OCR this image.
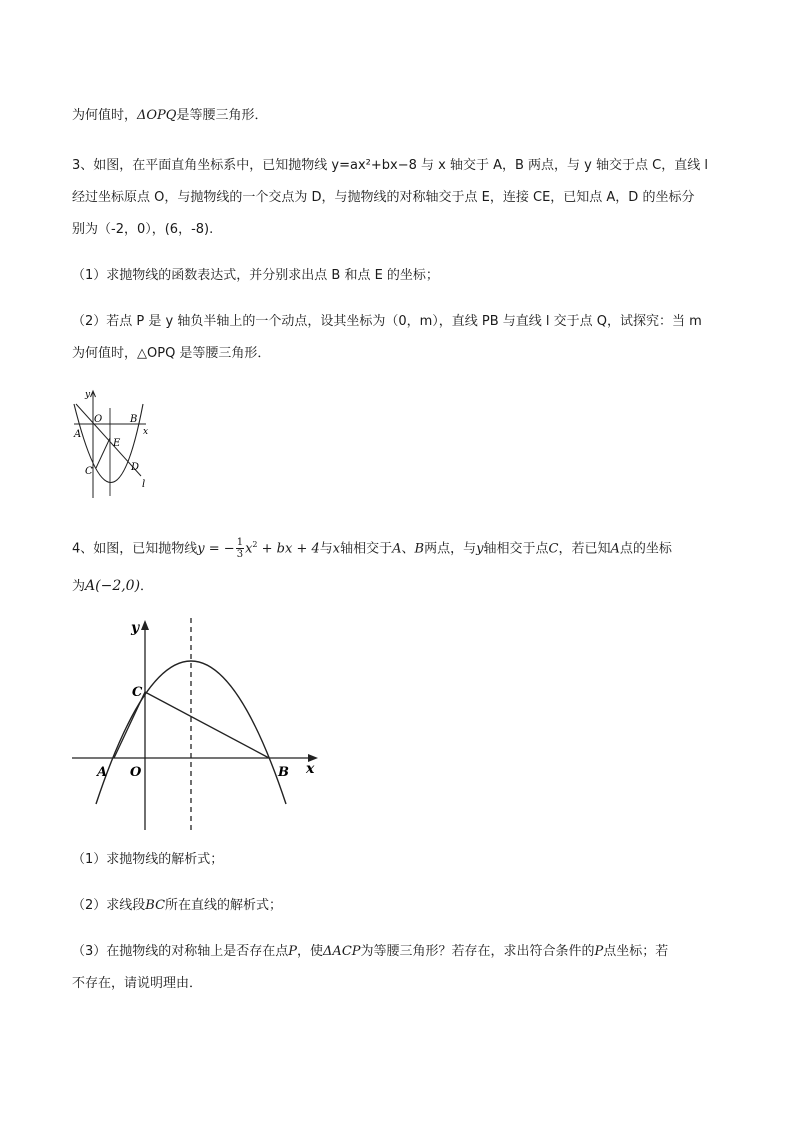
为何值时，ΔOPQ是等腰三角形．
3、如图，在平面直角坐标系中，已知抛物线 y=ax²+bx−8 与 x 轴交于 A，B 两点，与 y 轴交于点 C，直线 l
经过坐标原点 O，与抛物线的一个交点为 D，与抛物线的对称轴交于点 E，连接 CE，已知点 A，D 的坐标分
别为（-2，0），(6，-8).
（1）求抛物线的函数表达式，并分别求出点 B 和点 E 的坐标；
（2）若点 P 是 y 轴负半轴上的一个动点，设其坐标为（0，m），直线 PB 与直线 l 交于点 Q，试探究：当 m
为何值时，△OPQ 是等腰三角形．
y
x
O	B
A
E
C	D
l
4、如图，已知抛物线y = − $\frac{1}{3} x^2$ + bx + 4与x轴相交于A、B两点，与y轴相交于点C，若已知A点的坐标
为A(−2,0)．
y
x
C
A O	B
（1）求抛物线的解析式；
（2）求线段BC所在直线的解析式；
（3）在抛物线的对称轴上是否存在点P，使ΔACP为等腰三角形？若存在，求出符合条件的P点坐标；若
不存在，请说明理由．
